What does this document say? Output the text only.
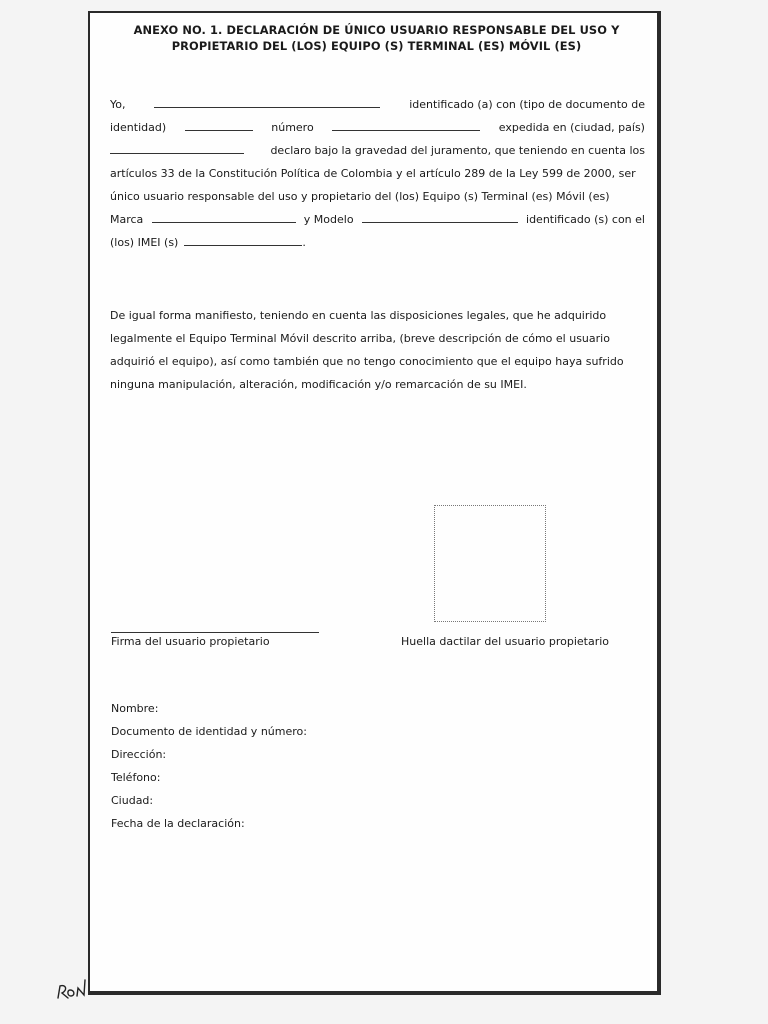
ANEXO NO. 1. DECLARACIÓN DE ÚNICO USUARIO RESPONSABLE DEL USO Y
PROPIETARIO DEL (LOS) EQUIPO (S) TERMINAL (ES) MÓVIL (ES)
Yo,	identificado (a) con (tipo de documento de
identidad)	número	expedida en (ciudad, país)
declaro bajo la gravedad del juramento, que teniendo en cuenta los
artículos 33 de la Constitución Política de Colombia y el artículo 289 de la Ley 599 de 2000, ser
único usuario responsable del uso y propietario del (los) Equipo (s) Terminal (es) Móvil (es)
Marca	y Modelo	identificado (s) con el
(los) IMEI (s)	.
De igual forma manifiesto, teniendo en cuenta las disposiciones legales, que he adquirido
legalmente el Equipo Terminal Móvil descrito arriba, (breve descripción de cómo el usuario
adquirió el equipo), así como también que no tengo conocimiento que el equipo haya sufrido
ninguna manipulación, alteración, modificación y/o remarcación de su IMEI.
Firma del usuario propietario	Huella dactilar del usuario propietario
Nombre:
Documento de identidad y número:
Dirección:
Teléfono:
Ciudad:
Fecha de la declaración:
